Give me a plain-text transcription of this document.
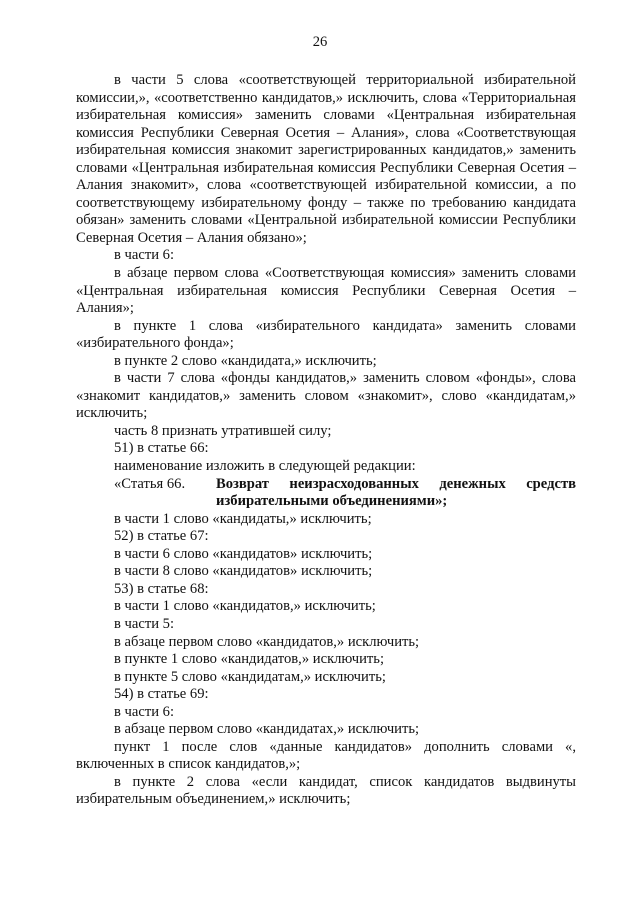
26

в части 5 слова «соответствующей территориальной избирательной комиссии,», «соответственно кандидатов,» исключить, слова «Территориальная избирательная комиссия» заменить словами «Центральная избирательная комиссия Республики Северная Осетия – Алания», слова «Соответствующая избирательная комиссия знакомит зарегистрированных кандидатов,» заменить словами «Центральная избирательная комиссия Республики Северная Осетия – Алания знакомит», слова «соответствующей избирательной комиссии, а по соответствующему избирательному фонду – также по требованию кандидата обязан» заменить словами «Центральной избирательной комиссии Республики Северная Осетия – Алания обязано»;

в части 6:

в абзаце первом слова «Соответствующая комиссия» заменить словами «Центральная избирательная комиссия Республики Северная Осетия – Алания»;

в пункте 1 слова «избирательного кандидата» заменить словами «избирательного фонда»;

в пункте 2 слово «кандидата,» исключить;

в части 7 слова «фонды кандидатов,» заменить словом «фонды», слова «знакомит кандидатов,» заменить словом «знакомит», слово «кандидатам,» исключить;

часть 8 признать утратившей силу;

51) в статье 66:

наименование изложить в следующей редакции:

«Статья 66.	Возврат неизрасходованных денежных средств избирательными объединениями»;

в части 1 слово «кандидаты,» исключить;

52) в статье 67:

в части 6 слово «кандидатов» исключить;

в части 8 слово «кандидатов» исключить;

53) в статье 68:

в части 1 слово «кандидатов,» исключить;

в части 5:

в абзаце первом слово «кандидатов,» исключить;

в пункте 1 слово «кандидатов,» исключить;

в пункте 5 слово «кандидатам,» исключить;

54) в статье 69:

в части 6:

в абзаце первом слово «кандидатах,» исключить;

пункт 1 после слов «данные кандидатов» дополнить словами «, включенных в список кандидатов,»;

в пункте 2 слова «если кандидат, список кандидатов выдвинуты избирательным объединением,» исключить;
